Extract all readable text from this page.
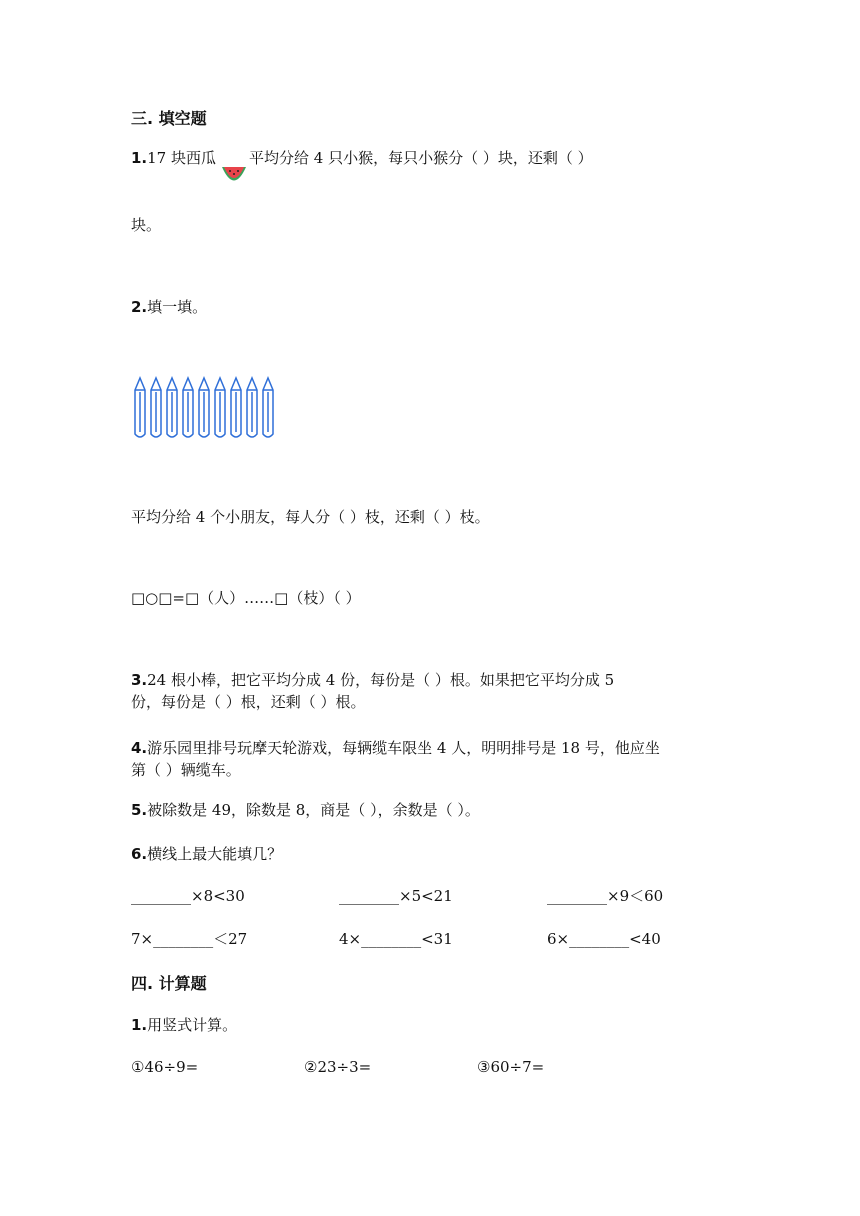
三. 填空题
1.17 块西瓜 平均分给 4 只小猴，每只小猴分（ ）块，还剩（ ）
块。
2.填一填。
平均分给 4 个小朋友，每人分（ ）枝，还剩（ ）枝。
□○□=□（人）……□（枝）（ ）
3.24 根小棒，把它平均分成 4 份，每份是（ ）根。如果把它平均分成 5
份，每份是（ ）根，还剩（ ）根。
4.游乐园里排号玩摩天轮游戏，每辆缆车限坐 4 人，明明排号是 18 号，他应坐
第（ ）辆缆车。
5.被除数是 49，除数是 8，商是（ ），余数是（ ）。
6.横线上最大能填几？
________×8<30	________×5<21	________×9＜60
7×________＜27	4×________<31	6×________<40
四. 计算题
1.用竖式计算。
①46÷9=	②23÷3=	③60÷7=
